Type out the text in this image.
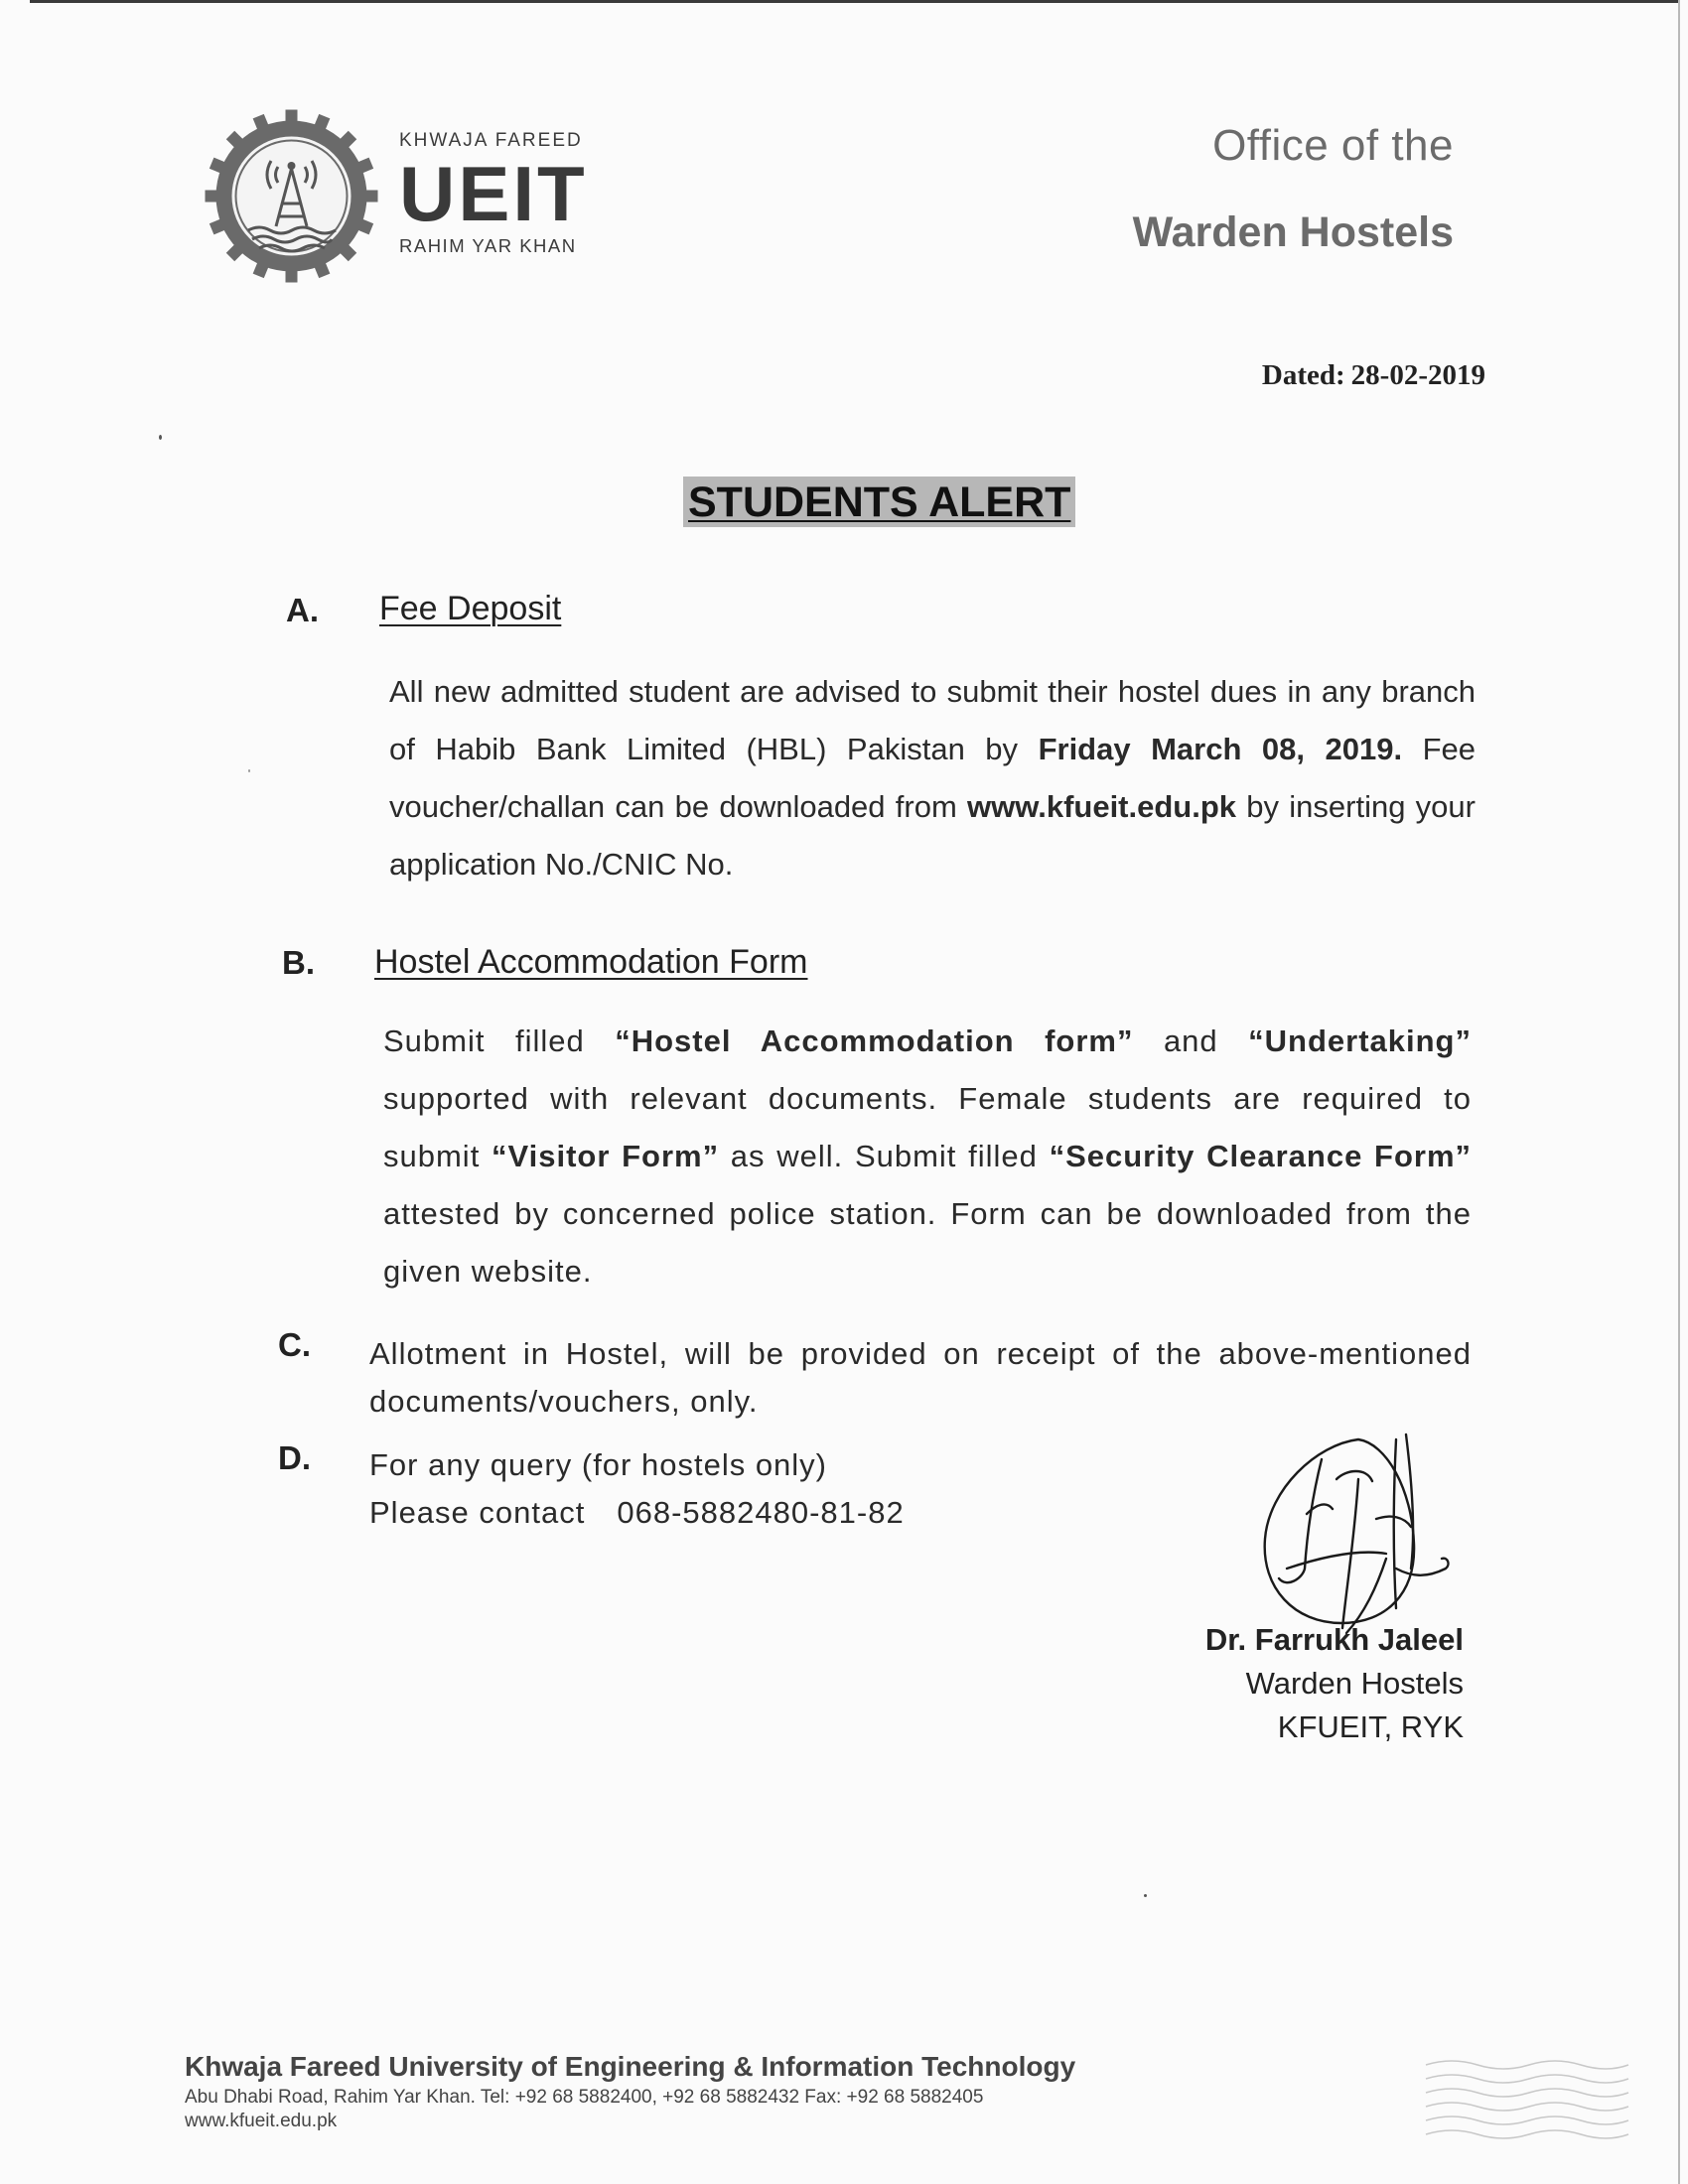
KHWAJA FAREED
UEIT
RAHIM YAR KHAN
Office of the
Warden Hostels
Dated: 28-02-2019
STUDENTS ALERT
A. Fee Deposit
All new admitted student are advised to submit their hostel dues in any branch of Habib Bank Limited (HBL) Pakistan by Friday March 08, 2019. Fee voucher/challan can be downloaded from www.kfueit.edu.pk by inserting your application No./CNIC No.
B. Hostel Accommodation Form
Submit filled “Hostel Accommodation form” and “Undertaking” supported with relevant documents. Female students are required to submit “Visitor Form” as well. Submit filled “Security Clearance Form” attested by concerned police station. Form can be downloaded from the given website.
C. Allotment in Hostel, will be provided on receipt of the above-mentioned documents/vouchers, only.
D. For any query (for hostels only)
Please contact 068-5882480-81-82
Dr. Farrukh Jaleel
Warden Hostels
KFUEIT, RYK
Khwaja Fareed University of Engineering & Information Technology
Abu Dhabi Road, Rahim Yar Khan. Tel: +92 68 5882400, +92 68 5882432 Fax: +92 68 5882405
www.kfueit.edu.pk
